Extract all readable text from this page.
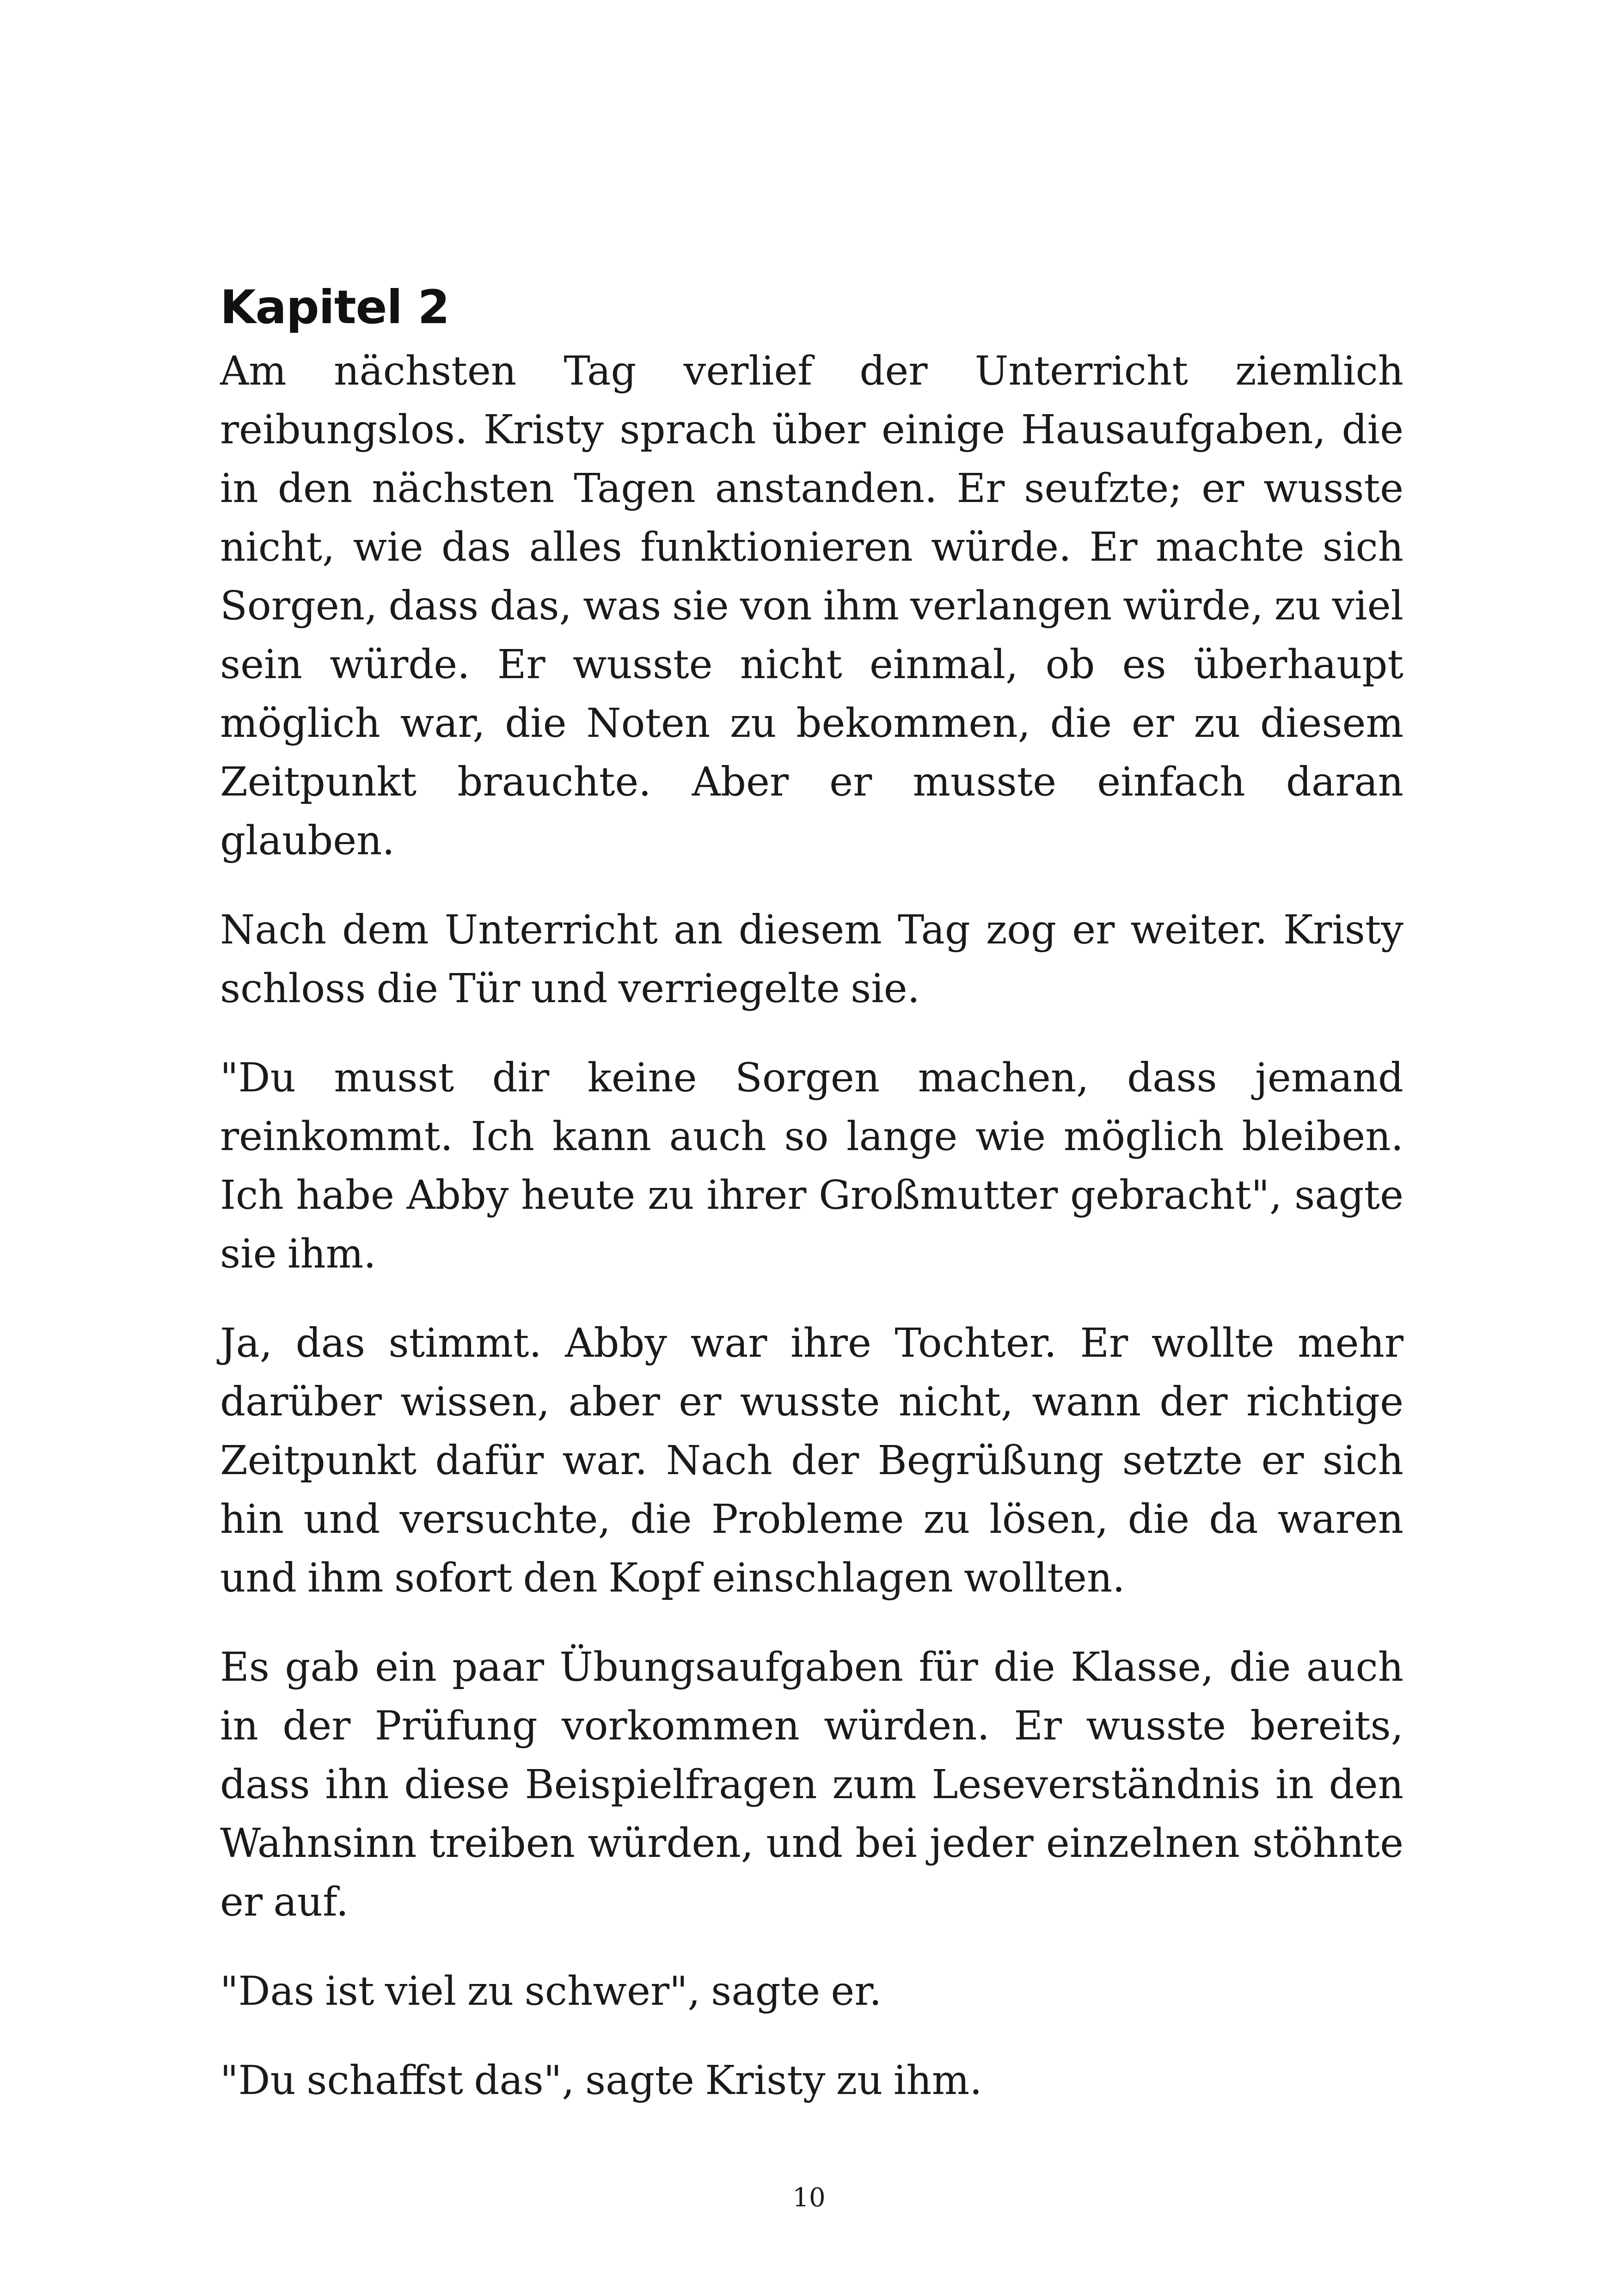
Kapitel 2

Am nächsten Tag verlief der Unterricht ziemlich reibungslos. Kristy sprach über einige Hausaufgaben, die in den nächsten Tagen anstanden. Er seufzte; er wusste nicht, wie das alles funktionieren würde. Er machte sich Sorgen, dass das, was sie von ihm verlangen würde, zu viel sein würde. Er wusste nicht einmal, ob es überhaupt möglich war, die Noten zu bekommen, die er zu diesem Zeitpunkt brauchte. Aber er musste einfach daran glauben.

Nach dem Unterricht an diesem Tag zog er weiter. Kristy schloss die Tür und verriegelte sie.

"Du musst dir keine Sorgen machen, dass jemand reinkommt. Ich kann auch so lange wie möglich bleiben. Ich habe Abby heute zu ihrer Großmutter gebracht", sagte sie ihm.

Ja, das stimmt. Abby war ihre Tochter. Er wollte mehr darüber wissen, aber er wusste nicht, wann der richtige Zeitpunkt dafür war. Nach der Begrüßung setzte er sich hin und versuchte, die Probleme zu lösen, die da waren und ihm sofort den Kopf einschlagen wollten.

Es gab ein paar Übungsaufgaben für die Klasse, die auch in der Prüfung vorkommen würden. Er wusste bereits, dass ihn diese Beispielfragen zum Leseverständnis in den Wahnsinn treiben würden, und bei jeder einzelnen stöhnte er auf.

"Das ist viel zu schwer", sagte er.

"Du schaffst das", sagte Kristy zu ihm.

10
